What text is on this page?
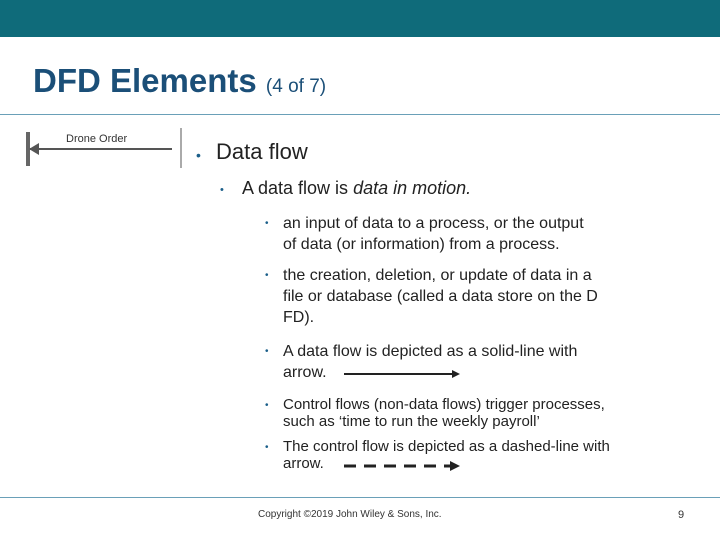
DFD Elements (4 of 7)
Drone Order
• Data flow
• A data flow is data in motion.
• an input of data to a process, or the output
of data (or information) from a process.
• the creation, deletion, or update of data in a
file or database (called a data store on the D
FD).
• A data flow is depicted as a solid-line with
arrow.
• Control flows (non-data flows) trigger processes,
such as ‘time to run the weekly payroll’
• The control flow is depicted as a dashed-line with
arrow.
Copyright ©2019 John Wiley & Sons, Inc.	9
